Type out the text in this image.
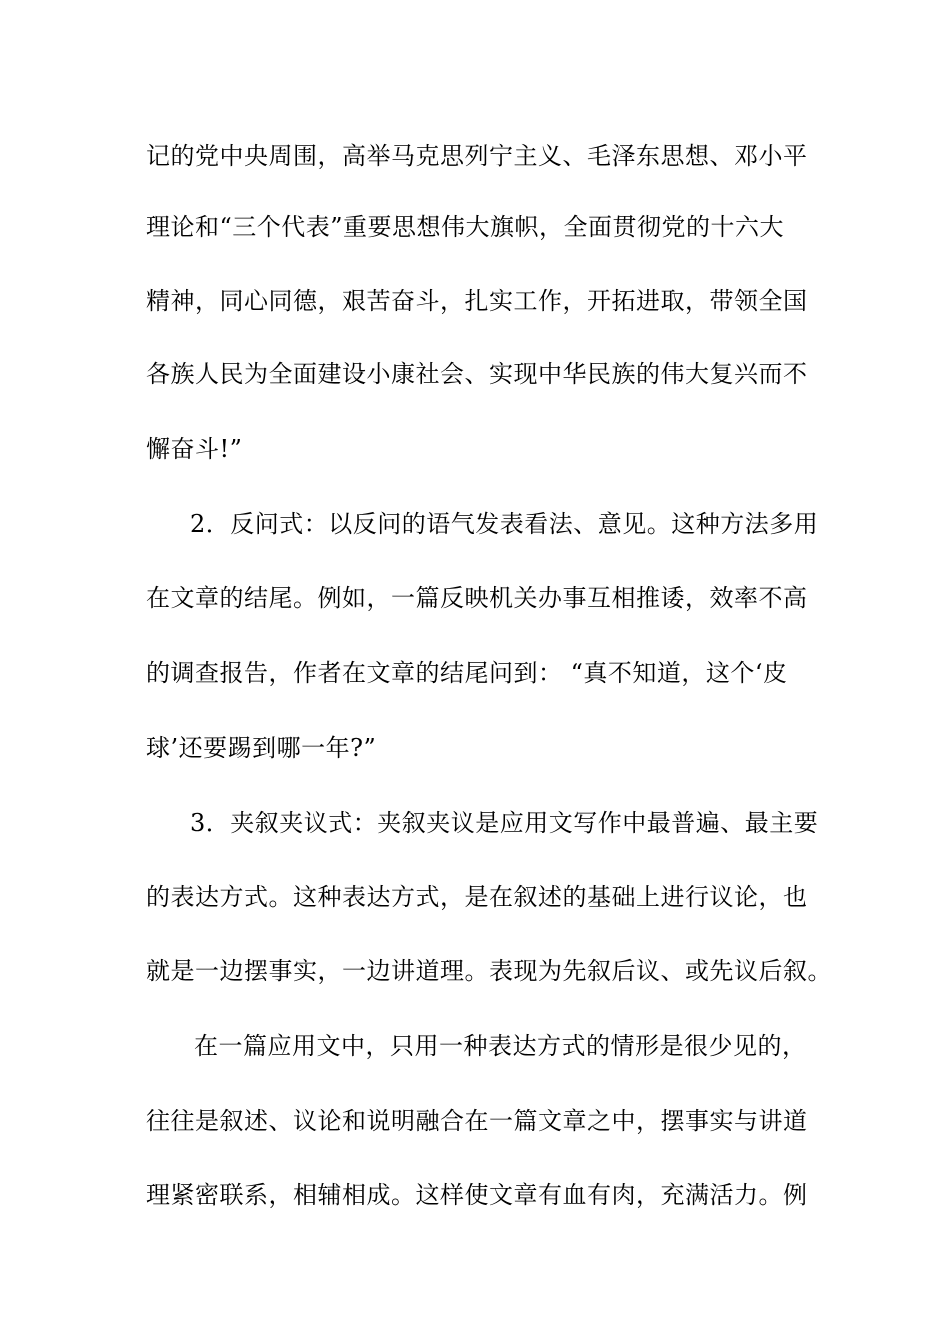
记的党中央周围，高举马克思列宁主义、毛泽东思想、邓小平
理论和“三个代表”重要思想伟大旗帜，全面贯彻党的十六大
精神，同心同德，艰苦奋斗，扎实工作，开拓进取，带领全国
各族人民为全面建设小康社会、实现中华民族的伟大复兴而不
懈奋斗!”
2．反问式：以反问的语气发表看法、意见。这种方法多用
在文章的结尾。例如，一篇反映机关办事互相推诿，效率不高
的调查报告，作者在文章的结尾问到： “真不知道，这个‘皮
球’还要踢到哪一年?”
3．夹叙夹议式：夹叙夹议是应用文写作中最普遍、最主要
的表达方式。这种表达方式，是在叙述的基础上进行议论，也
就是一边摆事实，一边讲道理。表现为先叙后议、或先议后叙。
在一篇应用文中，只用一种表达方式的情形是很少见的，
往往是叙述、议论和说明融合在一篇文章之中，摆事实与讲道
理紧密联系，相辅相成。这样使文章有血有肉，充满活力。例
